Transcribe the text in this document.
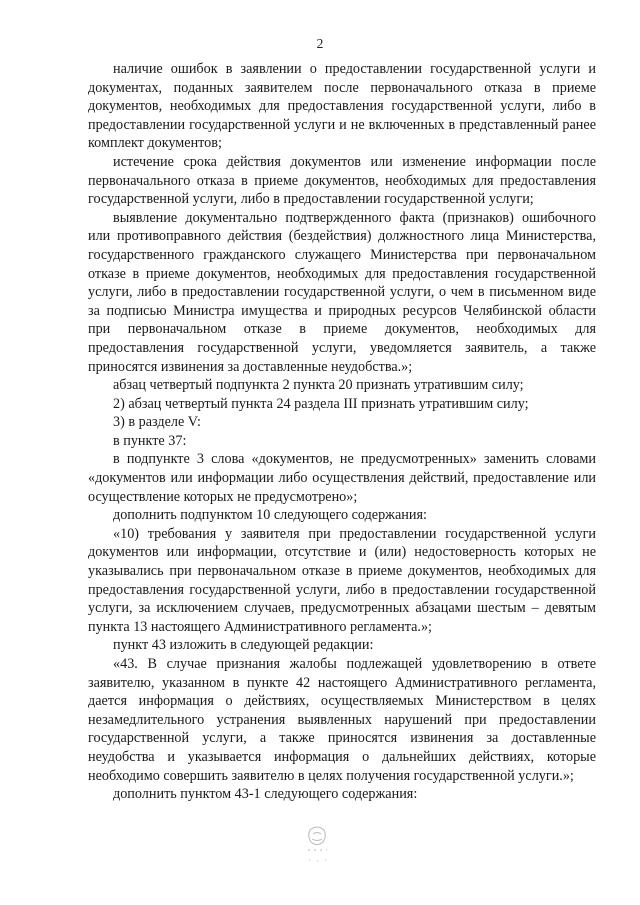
2

наличие ошибок в заявлении о предоставлении государственной услуги и документах, поданных заявителем после первоначального отказа в приеме документов, необходимых для предоставления государственной услуги, либо в предоставлении государственной услуги и не включенных в представленный ранее комплект документов;

истечение срока действия документов или изменение информации после первоначального отказа в приеме документов, необходимых для предоставления государственной услуги, либо в предоставлении государственной услуги;

выявление документально подтвержденного факта (признаков) ошибочного или противоправного действия (бездействия) должностного лица Министерства, государственного гражданского служащего Министерства при первоначальном отказе в приеме документов, необходимых для предоставления государственной услуги, либо в предоставлении государственной услуги, о чем в письменном виде за подписью Министра имущества и природных ресурсов Челябинской области при первоначальном отказе в приеме документов, необходимых для предоставления государственной услуги, уведомляется заявитель, а также приносятся извинения за доставленные неудобства.»;

абзац четвертый подпункта 2 пункта 20 признать утратившим силу;

2) абзац четвертый пункта 24 раздела III признать утратившим силу;

3) в разделе V:

в пункте 37:

в подпункте 3 слова «документов, не предусмотренных» заменить словами «документов или информации либо осуществления действий, предоставление или осуществление которых не предусмотрено»;

дополнить подпунктом 10 следующего содержания:

«10) требования у заявителя при предоставлении государственной услуги документов или информации, отсутствие и (или) недостоверность которых не указывались при первоначальном отказе в приеме документов, необходимых для предоставления государственной услуги, либо в предоставлении государственной услуги, за исключением случаев, предусмотренных абзацами шестым – девятым пункта 13 настоящего Административного регламента.»;

пункт 43 изложить в следующей редакции:

«43. В случае признания жалобы подлежащей удовлетворению в ответе заявителю, указанном в пункте 42 настоящего Административного регламента, дается информация о действиях, осуществляемых Министерством в целях незамедлительного устранения выявленных нарушений при предоставлении государственной услуги, а также приносятся извинения за доставленные неудобства и указывается информация о дальнейших действиях, которые необходимо совершить заявителю в целях получения государственной услуги.»;

дополнить пунктом 43-1 следующего содержания:
